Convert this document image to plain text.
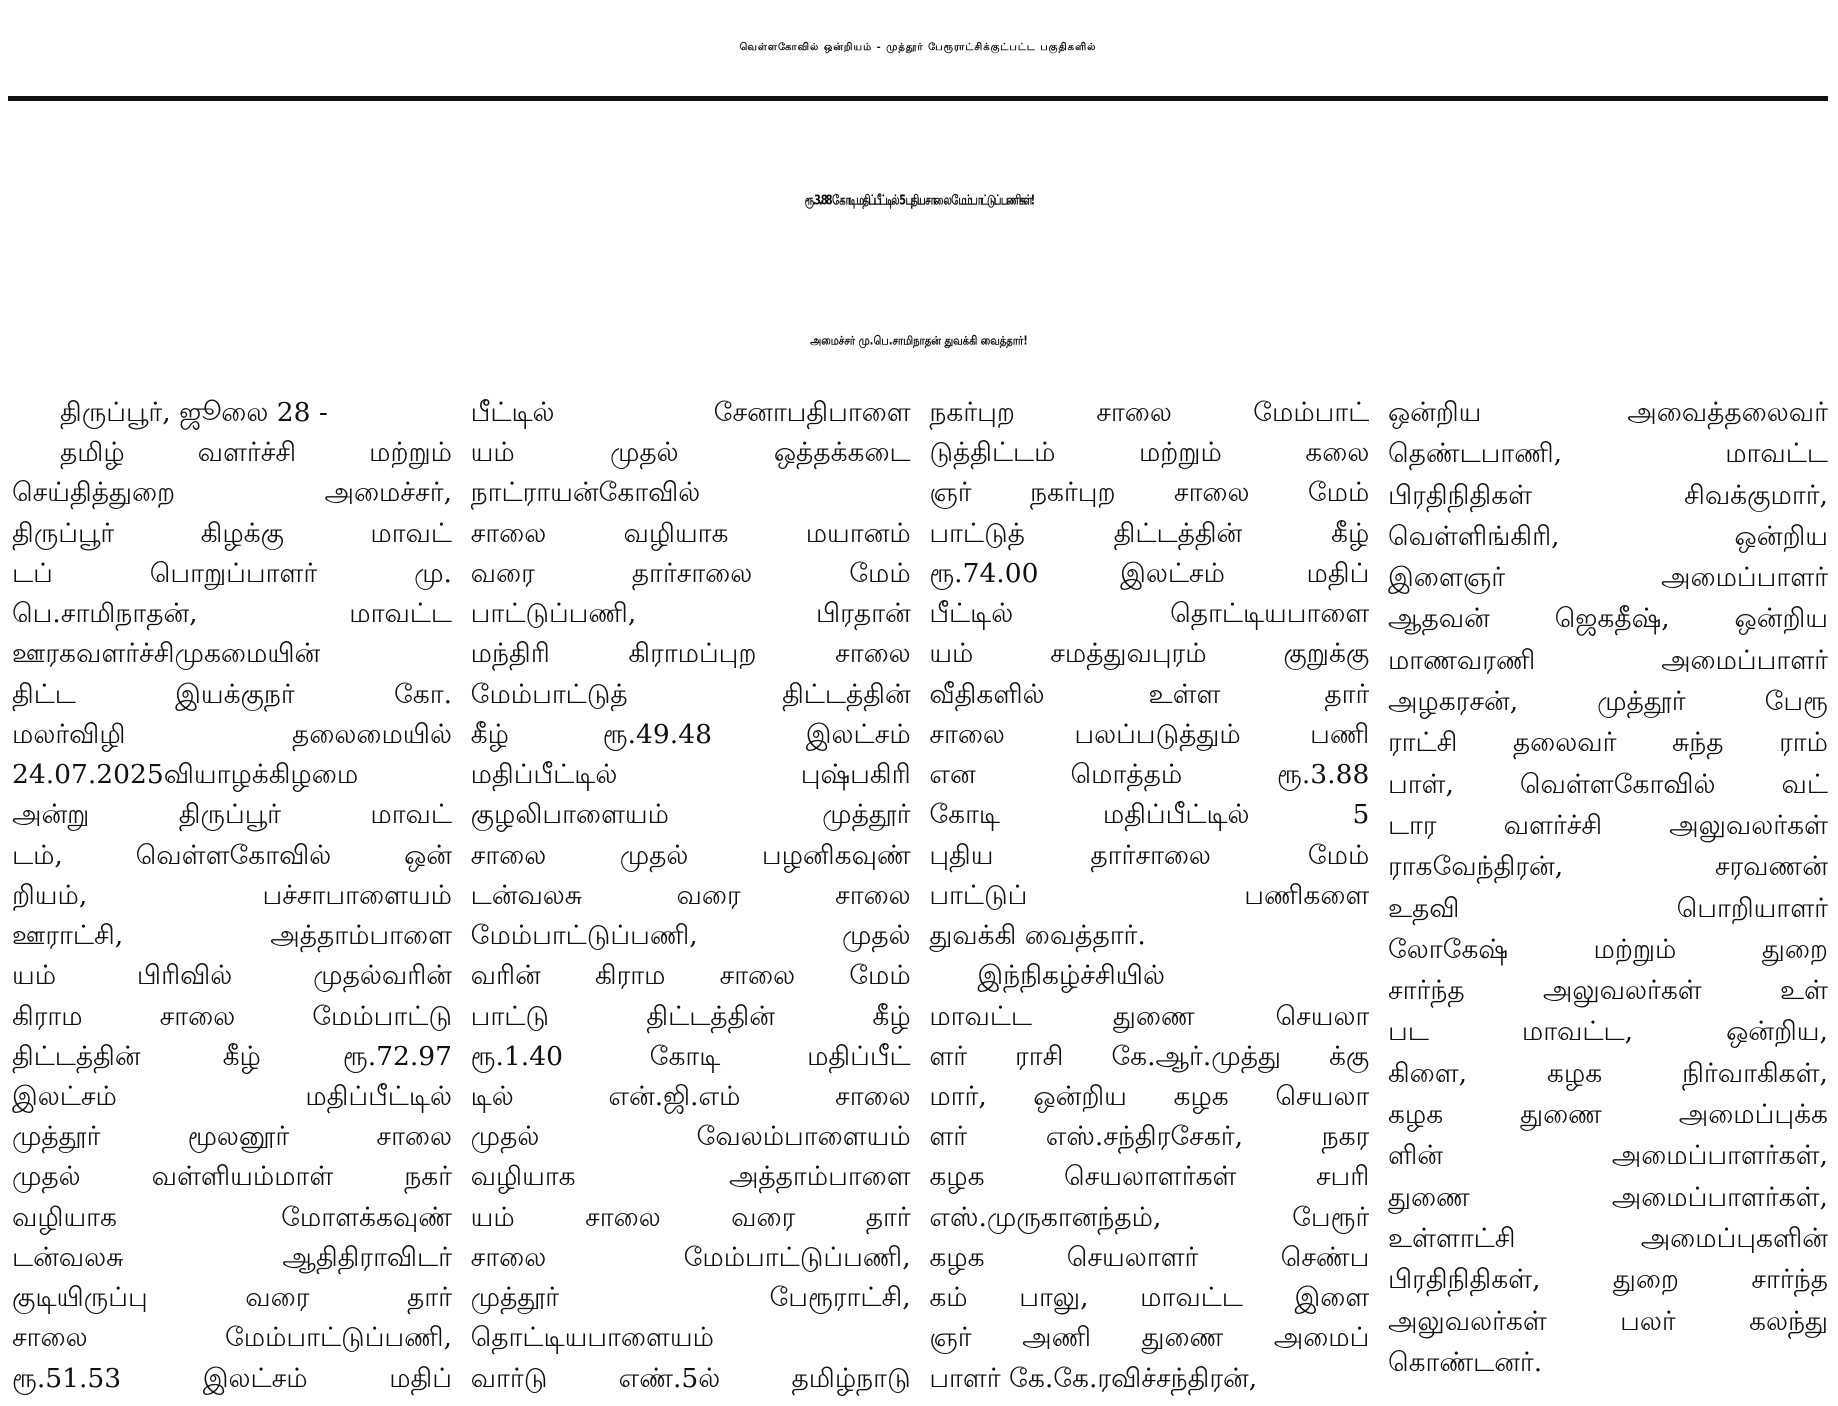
வெள்ளகோவில் ஒன்றியம் - முத்தூர் பேரூராட்சிக்குட்பட்ட பகுதிகளில்
ரூ.3.88 கோடி மதிப்பீட்டில் 5 புதிய சாலை மேம்பாட்டுப் பணிகள்!
அமைச்சர் மு.பெ.சாமிநாதன் துவக்கி வைத்தார்!
திருப்பூர், ஜூலை 28 -
தமிழ் வளர்ச்சி மற்றும்
செய்தித்துறை அமைச்சர்,
திருப்பூர் கிழக்கு மாவட்
டப் பொறுப்பாளர் மு.
பெ.சாமிநாதன், மாவட்ட
ஊரகவளர்ச்சிமுகமையின்
திட்ட இயக்குநர் கோ.
மலர்விழி தலைமையில்
24.07.2025வியாழக்கிழமை
அன்று திருப்பூர் மாவட்
டம், வெள்ளகோவில் ஒன்
றியம், பச்சாபாளையம்
ஊராட்சி, அத்தாம்பாளை
யம் பிரிவில் முதல்வரின்
கிராம சாலை மேம்பாட்டு
திட்டத்தின் கீழ் ரூ.72.97
இலட்சம் மதிப்பீட்டில்
முத்தூர் மூலனூர் சாலை
முதல் வள்ளியம்மாள் நகர்
வழியாக மோளக்கவுண்
டன்வலசு ஆதிதிராவிடர்
குடியிருப்பு வரை தார்
சாலை மேம்பாட்டுப்பணி,
ரூ.51.53 இலட்சம் மதிப்
பீட்டில் சேனாபதிபாளை
யம் முதல் ஒத்தக்கடை
நாட்ராயன்கோவில்
சாலை வழியாக மயானம்
வரை தார்சாலை மேம்
பாட்டுப்பணி, பிரதான்
மந்திரி கிராமப்புற சாலை
மேம்பாட்டுத் திட்டத்தின்
கீழ் ரூ.49.48 இலட்சம்
மதிப்பீட்டில் புஷ்பகிரி
குழலிபாளையம் முத்தூர்
சாலை முதல் பழனிகவுண்
டன்வலசு வரை சாலை
மேம்பாட்டுப்பணி, முதல்
வரின் கிராம சாலை மேம்
பாட்டு திட்டத்தின் கீழ்
ரூ.1.40 கோடி மதிப்பீட்
டில் என்.ஜி.எம் சாலை
முதல் வேலம்பாளையம்
வழியாக அத்தாம்பாளை
யம் சாலை வரை தார்
சாலை மேம்பாட்டுப்பணி,
முத்தூர் பேரூராட்சி,
தொட்டியபாளையம்
வார்டு எண்.5ல் தமிழ்நாடு
நகர்புற சாலை மேம்பாட்
டுத்திட்டம் மற்றும் கலை
ஞர் நகர்புற சாலை மேம்
பாட்டுத் திட்டத்தின் கீழ்
ரூ.74.00 இலட்சம் மதிப்
பீட்டில் தொட்டியபாளை
யம் சமத்துவபுரம் குறுக்கு
வீதிகளில் உள்ள தார்
சாலை பலப்படுத்தும் பணி
என மொத்தம் ரூ.3.88
கோடி மதிப்பீட்டில் 5
புதிய தார்சாலை மேம்
பாட்டுப் பணிகளை
துவக்கி வைத்தார்.
இந்நிகழ்ச்சியில்
மாவட்ட துணை செயலா
ளர் ராசி கே.ஆர்.முத்து க்கு
மார், ஒன்றிய கழக செயலா
ளர் எஸ்.சந்திரசேகர், நகர
கழக செயலாளர்கள் சபரி
எஸ்.முருகானந்தம், பேரூர்
கழக செயலாளர் செண்ப
கம் பாலு, மாவட்ட இளை
ஞர் அணி துணை அமைப்
பாளர் கே.கே.ரவிச்சந்திரன்,
ஒன்றிய அவைத்தலைவர்
தெண்டபாணி, மாவட்ட
பிரதிநிதிகள் சிவக்குமார்,
வெள்ளிங்கிரி, ஒன்றிய
இளைஞர் அமைப்பாளர்
ஆதவன் ஜெகதீஷ், ஒன்றிய
மாணவரணி அமைப்பாளர்
அழகரசன், முத்தூர் பேரூ
ராட்சி தலைவர் சுந்த ராம்
பாள், வெள்ளகோவில் வட்
டார வளர்ச்சி அலுவலர்கள்
ராகவேந்திரன், சரவணன்
உதவி பொறியாளர்
லோகேஷ் மற்றும் துறை
சார்ந்த அலுவலர்கள் உள்
பட மாவட்ட, ஒன்றிய,
கிளை, கழக நிர்வாகிகள்,
கழக துணை அமைப்புக்க
ளின் அமைப்பாளர்கள்,
துணை அமைப்பாளர்கள்,
உள்ளாட்சி அமைப்புகளின்
பிரதிநிதிகள், துறை சார்ந்த
அலுவலர்கள் பலர் கலந்து
கொண்டனர்.
